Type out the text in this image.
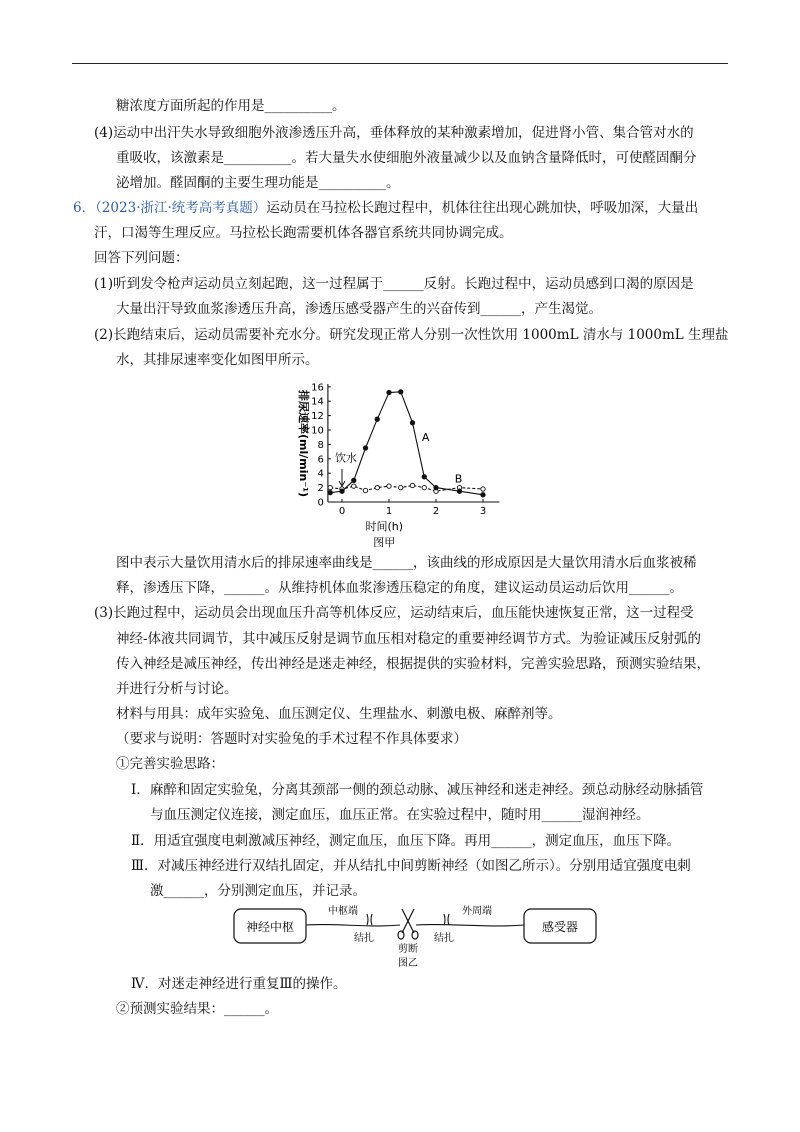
糖浓度方面所起的作用是__________。
(4)运动中出汗失水导致细胞外液渗透压升高，垂体释放的某种激素增加，促进肾小管、集合管对水的
重吸收，该激素是__________。若大量失水使细胞外液量减少以及血钠含量降低时，可使醛固酮分
泌增加。醛固酮的主要生理功能是__________。
6．（2023·浙江·统考高考真题）运动员在马拉松长跑过程中，机体往往出现心跳加快，呼吸加深，大量出
汗，口渴等生理反应。马拉松长跑需要机体各器官系统共同协调完成。
回答下列问题：
(1)听到发令枪声运动员立刻起跑，这一过程属于______反射。长跑过程中，运动员感到口渴的原因是
大量出汗导致血浆渗透压升高，渗透压感受器产生的兴奋传到______，产生渴觉。
(2)长跑结束后，运动员需要补充水分。研究发现正常人分别一次性饮用 1000mL 清水与 1000mL 生理盐
水，其排尿速率变化如图甲所示。
0
2
4
6
8
10
12
14
16
0	1	2	3
排尿速率(ml/min⁻¹)
时间(h)
图甲
饮水
A
B
图中表示大量饮用清水后的排尿速率曲线是______，该曲线的形成原因是大量饮用清水后血浆被稀
释，渗透压下降，______。从维持机体血浆渗透压稳定的角度，建议运动员运动后饮用______。
(3)长跑过程中，运动员会出现血压升高等机体反应，运动结束后，血压能快速恢复正常，这一过程受
神经-体液共同调节，其中减压反射是调节血压相对稳定的重要神经调节方式。为验证减压反射弧的
传入神经是减压神经，传出神经是迷走神经，根据提供的实验材料，完善实验思路，预测实验结果，
并进行分析与讨论。
材料与用具：成年实验兔、血压测定仪、生理盐水、刺激电极、麻醉剂等。
（要求与说明：答题时对实验兔的手术过程不作具体要求）
①完善实验思路：
Ⅰ．麻醉和固定实验兔，分离其颈部一侧的颈总动脉、减压神经和迷走神经。颈总动脉经动脉插管
与血压测定仪连接，测定血压，血压正常。在实验过程中，随时用______湿润神经。
Ⅱ．用适宜强度电刺激减压神经，测定血压，血压下降。再用______，测定血压，血压下降。
Ⅲ．对减压神经进行双结扎固定，并从结扎中间剪断神经（如图乙所示）。分别用适宜强度电刺
激______，分别测定血压，并记录。
神经中枢	感受器
中枢端	外周端
结扎	结扎
剪断
图乙
Ⅳ．对迷走神经进行重复Ⅲ的操作。
②预测实验结果：______。
